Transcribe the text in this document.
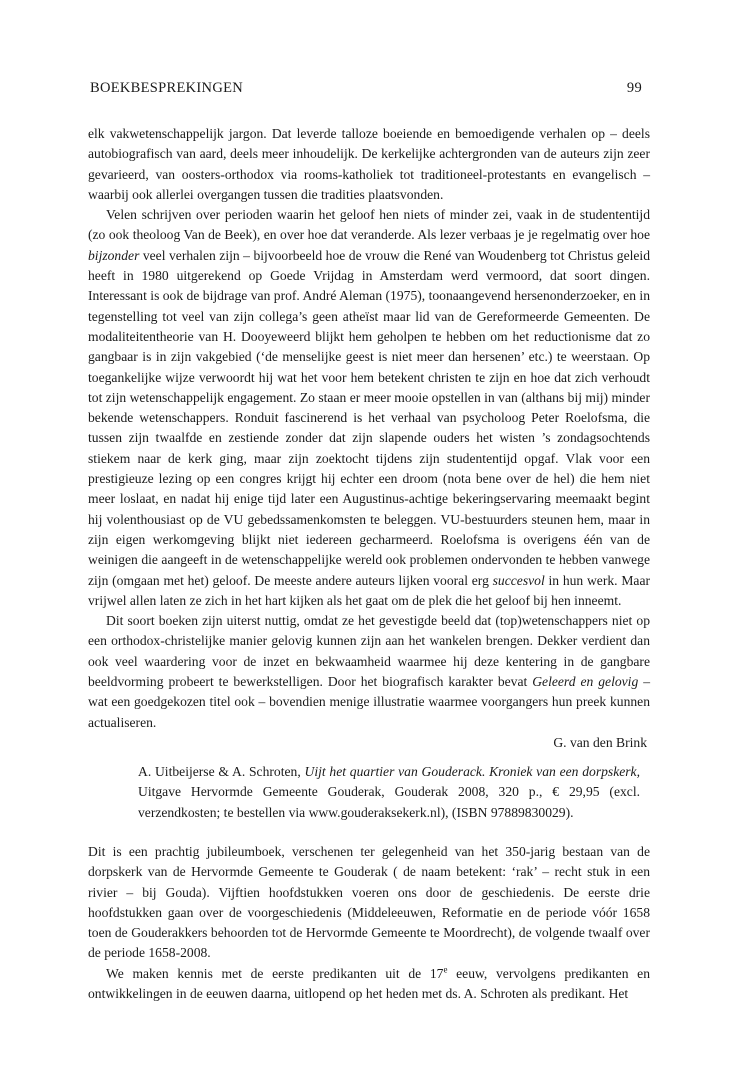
BOEKBESPREKINGEN	99

elk vakwetenschappelijk jargon. Dat leverde talloze boeiende en bemoedigende verhalen op – deels autobiografisch van aard, deels meer inhoudelijk. De kerkelijke achtergronden van de auteurs zijn zeer gevarieerd, van oosters-orthodox via rooms-katholiek tot traditioneel-protestants en evangelisch – waarbij ook allerlei overgangen tussen die tradities plaatsvonden.

Velen schrijven over perioden waarin het geloof hen niets of minder zei, vaak in de studententijd (zo ook theoloog Van de Beek), en over hoe dat veranderde. Als lezer verbaas je je regelmatig over hoe bijzonder veel verhalen zijn – bijvoorbeeld hoe de vrouw die René van Woudenberg tot Christus geleid heeft in 1980 uitgerekend op Goede Vrijdag in Amsterdam werd vermoord, dat soort dingen. Interessant is ook de bijdrage van prof. André Aleman (1975), toonaangevend hersenonderzoeker, en in tegenstelling tot veel van zijn collega’s geen atheïst maar lid van de Gereformeerde Gemeenten. De modaliteitentheorie van H. Dooyeweerd blijkt hem geholpen te hebben om het reductionisme dat zo gangbaar is in zijn vakgebied (‘de menselijke geest is niet meer dan hersenen’ etc.) te weerstaan. Op toegankelijke wijze verwoordt hij wat het voor hem betekent christen te zijn en hoe dat zich verhoudt tot zijn wetenschappelijk engagement. Zo staan er meer mooie opstellen in van (althans bij mij) minder bekende wetenschappers. Ronduit fascinerend is het verhaal van psycholoog Peter Roelofsma, die tussen zijn twaalfde en zestiende zonder dat zijn slapende ouders het wisten ’s zondagsochtends stiekem naar de kerk ging, maar zijn zoektocht tijdens zijn studententijd opgaf. Vlak voor een prestigieuze lezing op een congres krijgt hij echter een droom (nota bene over de hel) die hem niet meer loslaat, en nadat hij enige tijd later een Augustinus-achtige bekeringservaring meemaakt begint hij volenthousiast op de VU gebedssamenkomsten te beleggen. VU-bestuurders steunen hem, maar in zijn eigen werkomgeving blijkt niet iedereen gecharmeerd. Roelofsma is overigens één van de weinigen die aangeeft in de wetenschappelijke wereld ook problemen ondervonden te hebben vanwege zijn (omgaan met het) geloof. De meeste andere auteurs lijken vooral erg succesvol in hun werk. Maar vrijwel allen laten ze zich in het hart kijken als het gaat om de plek die het geloof bij hen inneemt.

Dit soort boeken zijn uiterst nuttig, omdat ze het gevestigde beeld dat (top)wetenschappers niet op een orthodox-christelijke manier gelovig kunnen zijn aan het wankelen brengen. Dekker verdient dan ook veel waardering voor de inzet en bekwaamheid waarmee hij deze kentering in de gangbare beeldvorming probeert te bewerkstelligen. Door het biografisch karakter bevat Geleerd en gelovig – wat een goedgekozen titel ook – bovendien menige illustratie waarmee voorgangers hun preek kunnen actualiseren.

G. van den Brink

A. Uitbeijerse & A. Schroten, Uijt het quartier van Gouderack. Kroniek van een dorpskerk, Uitgave Hervormde Gemeente Gouderak, Gouderak 2008, 320 p., € 29,95 (excl. verzendkosten; te bestellen via www.gouderaksekerk.nl), (ISBN 97889830029).

Dit is een prachtig jubileumboek, verschenen ter gelegenheid van het 350-jarig bestaan van de dorpskerk van de Hervormde Gemeente te Gouderak ( de naam betekent: ‘rak’ – recht stuk in een rivier – bij Gouda). Vijftien hoofdstukken voeren ons door de geschiedenis. De eerste drie hoofdstukken gaan over de voorgeschiedenis (Middeleeuwen, Reformatie en de periode vóór 1658 toen de Gouderakkers behoorden tot de Hervormde Gemeente te Moordrecht), de volgende twaalf over de periode 1658-2008.

We maken kennis met de eerste predikanten uit de 17e eeuw, vervolgens predikanten en ontwikkelingen in de eeuwen daarna, uitlopend op het heden met ds. A. Schroten als predikant. Het
